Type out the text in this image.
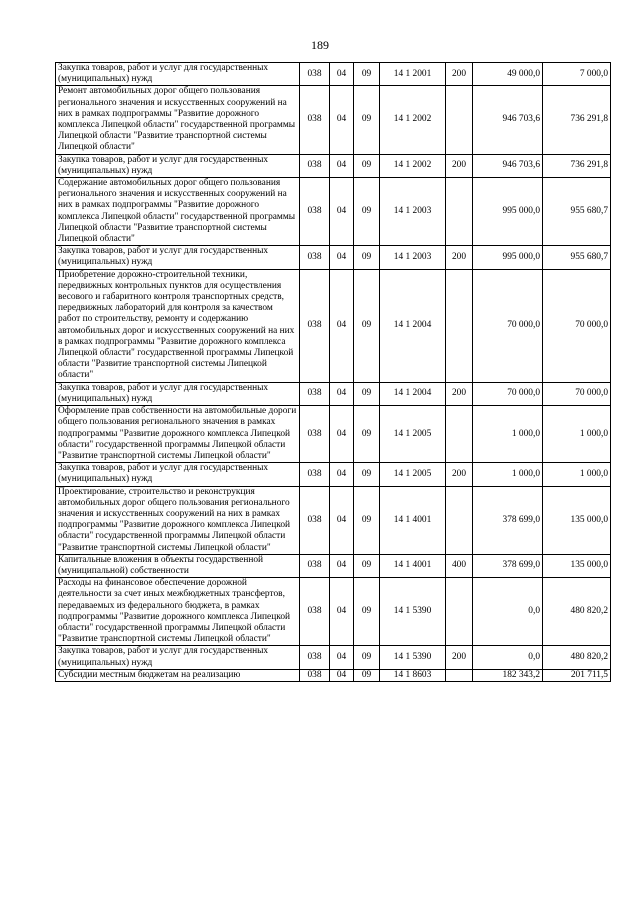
189
Закупка товаров, работ и услуг для государственных (муниципальных) нужд	038	04	09	14 1 2001	200	49 000,0	7 000,0
Ремонт автомобильных дорог общего пользования регионального значения и искусственных сооружений на них в рамках подпрограммы "Развитие дорожного комплекса Липецкой области" государственной программы Липецкой области "Развитие транспортной системы Липецкой области"	038	04	09	14 1 2002		946 703,6	736 291,8
Закупка товаров, работ и услуг для государственных (муниципальных) нужд	038	04	09	14 1 2002	200	946 703,6	736 291,8
Содержание автомобильных дорог общего пользования регионального значения и искусственных сооружений на них в рамках подпрограммы "Развитие дорожного комплекса Липецкой области" государственной программы Липецкой области "Развитие транспортной системы Липецкой области"	038	04	09	14 1 2003		995 000,0	955 680,7
Закупка товаров, работ и услуг для государственных (муниципальных) нужд	038	04	09	14 1 2003	200	995 000,0	955 680,7
Приобретение дорожно-строительной техники, передвижных контрольных пунктов для осуществления весового и габаритного контроля транспортных средств, передвижных лабораторий для контроля за качеством работ по строительству, ремонту и содержанию автомобильных дорог и искусственных сооружений на них в рамках подпрограммы "Развитие дорожного комплекса Липецкой области" государственной программы Липецкой области "Развитие транспортной системы Липецкой области"	038	04	09	14 1 2004		70 000,0	70 000,0
Закупка товаров, работ и услуг для государственных (муниципальных) нужд	038	04	09	14 1 2004	200	70 000,0	70 000,0
Оформление прав собственности на автомобильные дороги общего пользования регионального значения в рамках подпрограммы "Развитие дорожного комплекса Липецкой области" государственной программы Липецкой области "Развитие транспортной системы Липецкой области"	038	04	09	14 1 2005		1 000,0	1 000,0
Закупка товаров, работ и услуг для государственных (муниципальных) нужд	038	04	09	14 1 2005	200	1 000,0	1 000,0
Проектирование, строительство и реконструкция автомобильных дорог общего пользования регионального значения и искусственных сооружений на них в рамках подпрограммы "Развитие дорожного комплекса Липецкой области" государственной программы Липецкой области "Развитие транспортной системы Липецкой области"	038	04	09	14 1 4001		378 699,0	135 000,0
Капитальные вложения в объекты государственной (муниципальной) собственности	038	04	09	14 1 4001	400	378 699,0	135 000,0
Расходы на финансовое обеспечение дорожной деятельности за счет иных межбюджетных трансфертов, передаваемых из федерального бюджета, в рамках подпрограммы "Развитие дорожного комплекса Липецкой области" государственной программы Липецкой области "Развитие транспортной системы Липецкой области"	038	04	09	14 1 5390		0,0	480 820,2
Закупка товаров, работ и услуг для государственных (муниципальных) нужд	038	04	09	14 1 5390	200	0,0	480 820,2
Субсидии местным бюджетам на реализацию	038	04	09	14 1 8603		182 343,2	201 711,5
